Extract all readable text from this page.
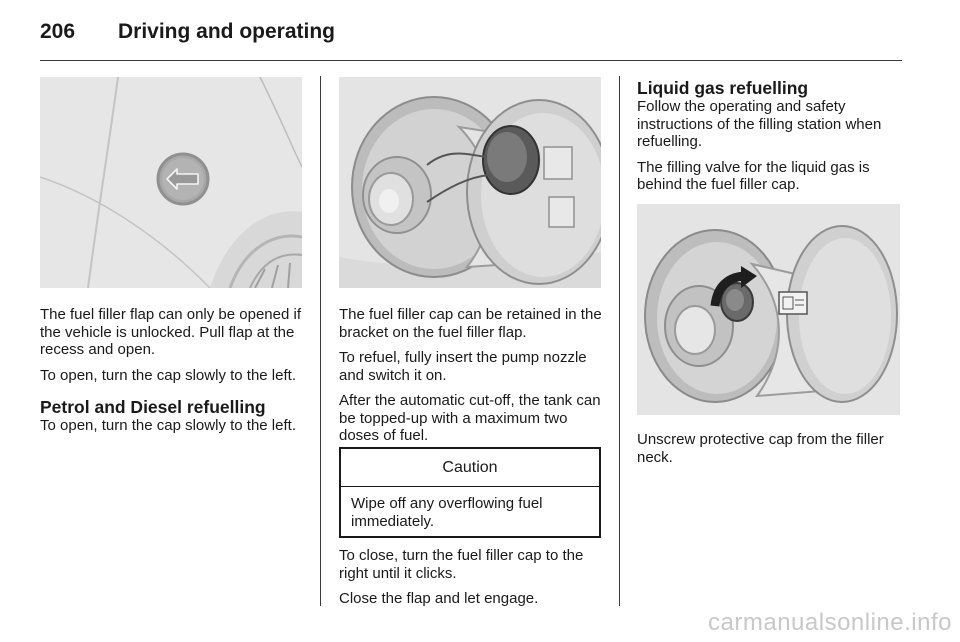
206 Driving and operating

The fuel filler flap can only be opened if the vehicle is unlocked. Pull flap at the recess and open.

To open, turn the cap slowly to the left.

Petrol and Diesel refuelling

To open, turn the cap slowly to the left.

The fuel filler cap can be retained in the bracket on the fuel filler flap.

To refuel, fully insert the pump nozzle and switch it on.

After the automatic cut-off, the tank can be topped-up with a maximum two doses of fuel.

Caution
Wipe off any overflowing fuel immediately.

To close, turn the fuel filler cap to the right until it clicks.

Close the flap and let engage.

Liquid gas refuelling

Follow the operating and safety instructions of the filling station when refuelling.

The filling valve for the liquid gas is behind the fuel filler cap.

Unscrew protective cap from the filler neck.

carmanualsonline.info
